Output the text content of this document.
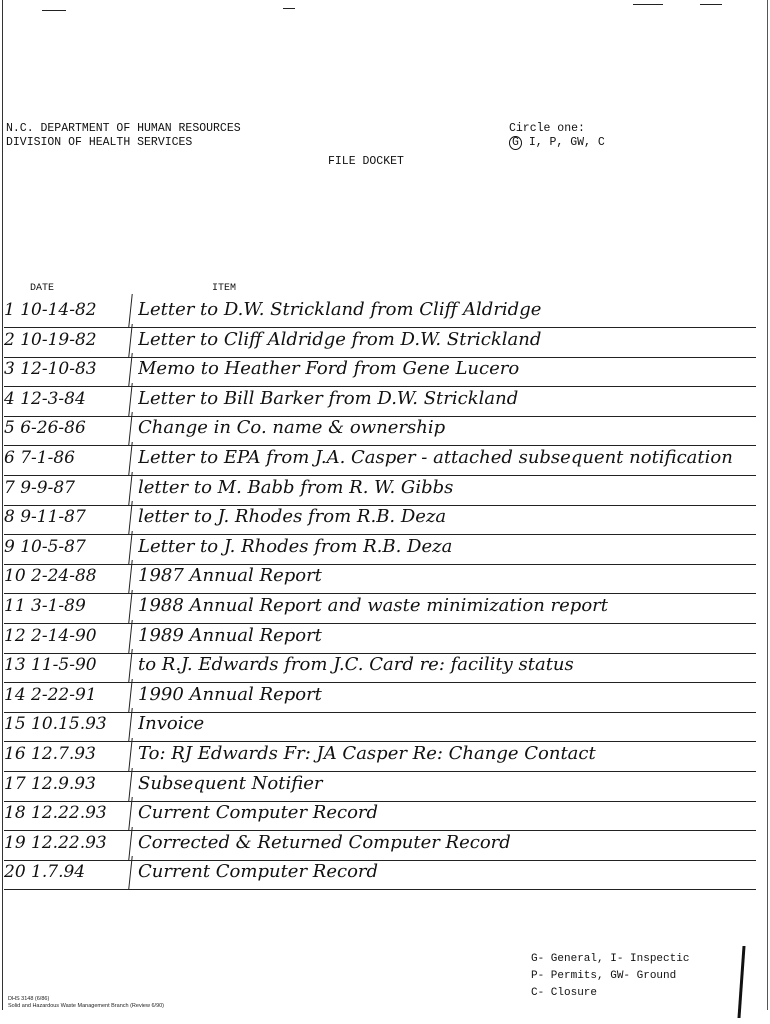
N.C. DEPARTMENT OF HUMAN RESOURCES
DIVISION OF HEALTH SERVICES
Circle one:
G I, P, GW, C
FILE DOCKET
DATE	ITEM
1 10-14-82	Letter to D.W. Strickland from Cliff Aldridge
2 10-19-82	Letter to Cliff Aldridge from D.W. Strickland
3 12-10-83	Memo to Heather Ford from Gene Lucero
4 12-3-84	Letter to Bill Barker from D.W. Strickland
5 6-26-86	Change in Co. name & ownership
6 7-1-86	Letter to EPA from J.A. Casper - attached subsequent notification
7 9-9-87	letter to M. Babb from R. W. Gibbs
8 9-11-87	letter to J. Rhodes from R.B. Deza
9 10-5-87	Letter to J. Rhodes from R.B. Deza
10 2-24-88	1987 Annual Report
11 3-1-89	1988 Annual Report and waste minimization report
12 2-14-90	1989 Annual Report
13 11-5-90	to R.J. Edwards from J.C. Card re: facility status
14 2-22-91	1990 Annual Report
15 10.15.93	Invoice
16 12.7.93	To: RJ Edwards Fr: JA Casper Re: Change Contact
17 12.9.93	Subsequent Notifier
18 12.22.93	Current Computer Record
19 12.22.93	Corrected & Returned Computer Record
20 1.7.94	Current Computer Record
G- General, I- Inspectic
P- Permits, GW- Ground
C- Closure
DHS 3148 (6/86)
Solid and Hazardous Waste Management Branch (Review 6/90)
